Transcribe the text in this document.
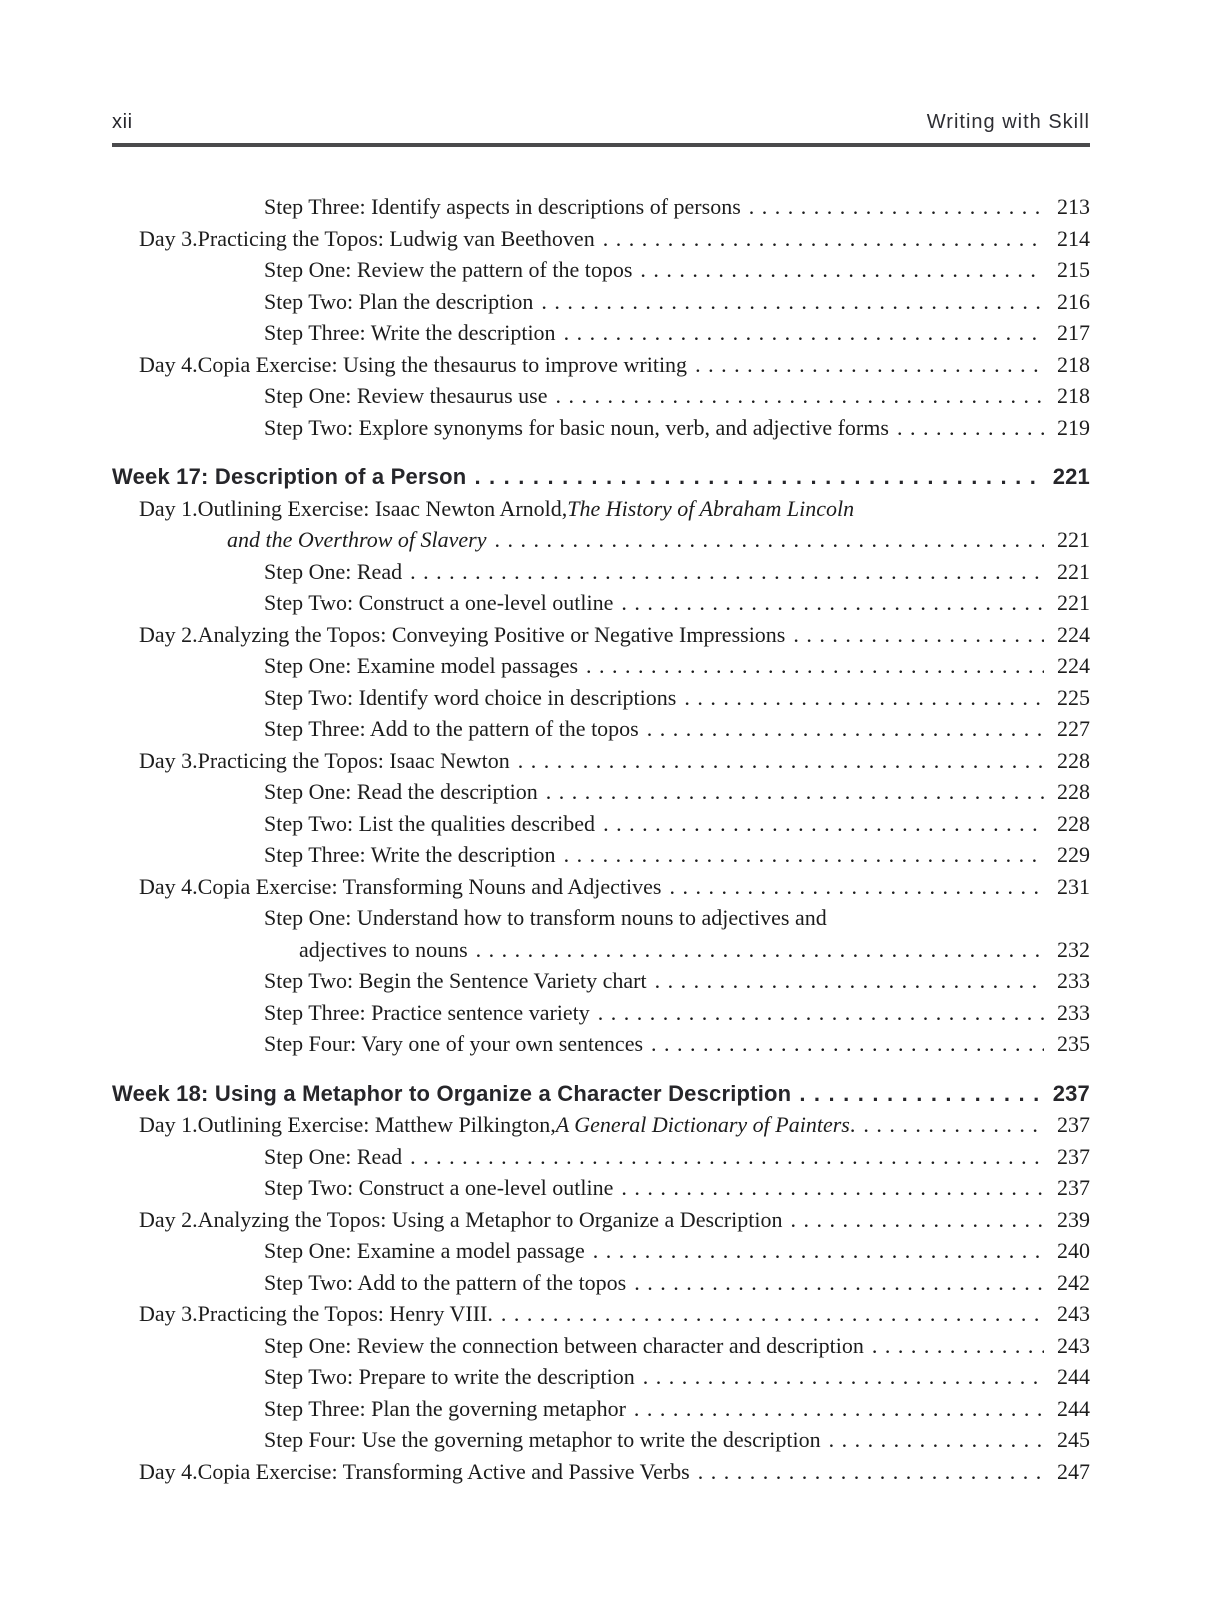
xii	Writing with Skill
Step Three: Identify aspects in descriptions of persons .....	213
Day 3. Practicing the Topos: Ludwig van Beethoven .....	214
Step One: Review the pattern of the topos .....	215
Step Two: Plan the description .....	216
Step Three: Write the description .....	217
Day 4. Copia Exercise: Using the thesaurus to improve writing .....	218
Step One: Review thesaurus use .....	218
Step Two: Explore synonyms for basic noun, verb, and adjective forms .....	219
Week 17: Description of a Person .....	221
Day 1. Outlining Exercise: Isaac Newton Arnold, The History of Abraham Lincoln
and the Overthrow of Slavery .....	221
Step One: Read .....	221
Step Two: Construct a one-level outline .....	221
Day 2. Analyzing the Topos: Conveying Positive or Negative Impressions .....	224
Step One: Examine model passages .....	224
Step Two: Identify word choice in descriptions .....	225
Step Three: Add to the pattern of the topos .....	227
Day 3. Practicing the Topos: Isaac Newton .....	228
Step One: Read the description .....	228
Step Two: List the qualities described .....	228
Step Three: Write the description .....	229
Day 4. Copia Exercise: Transforming Nouns and Adjectives .....	231
Step One: Understand how to transform nouns to adjectives and
adjectives to nouns .....	232
Step Two: Begin the Sentence Variety chart .....	233
Step Three: Practice sentence variety .....	233
Step Four: Vary one of your own sentences .....	235
Week 18: Using a Metaphor to Organize a Character Description .....	237
Day 1. Outlining Exercise: Matthew Pilkington, A General Dictionary of Painters . .....	237
Step One: Read .....	237
Step Two: Construct a one-level outline .....	237
Day 2. Analyzing the Topos: Using a Metaphor to Organize a Description .....	239
Step One: Examine a model passage .....	240
Step Two: Add to the pattern of the topos .....	242
Day 3. Practicing the Topos: Henry VIII. .....	243
Step One: Review the connection between character and description .....	243
Step Two: Prepare to write the description .....	244
Step Three: Plan the governing metaphor .....	244
Step Four: Use the governing metaphor to write the description .....	245
Day 4. Copia Exercise: Transforming Active and Passive Verbs .....	247
